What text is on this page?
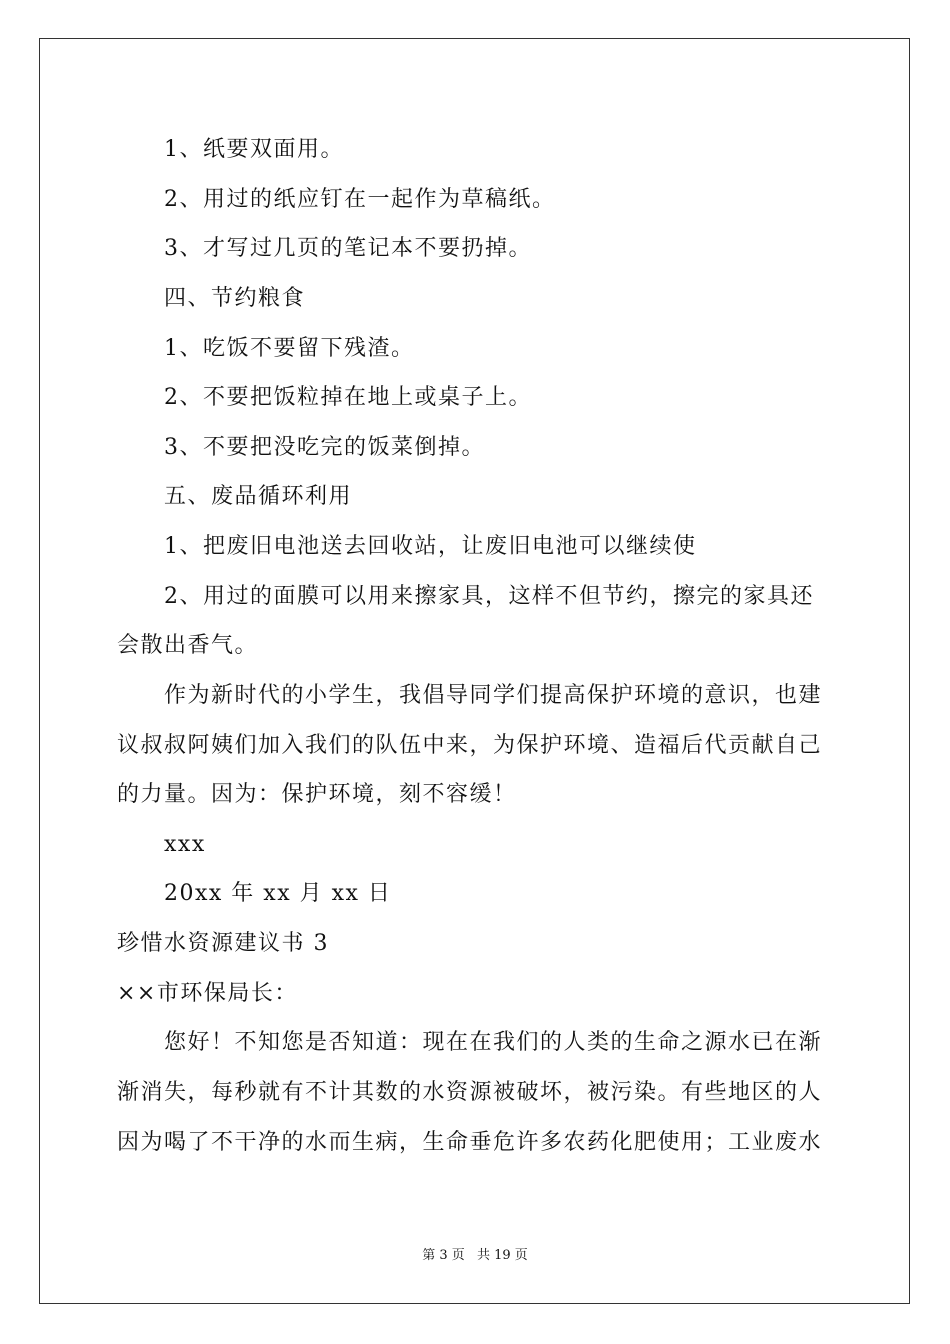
1、纸要双面用。
2、用过的纸应钉在一起作为草稿纸。
3、才写过几页的笔记本不要扔掉。
四、节约粮食
1、吃饭不要留下残渣。
2、不要把饭粒掉在地上或桌子上。
3、不要把没吃完的饭菜倒掉。
五、废品循环利用
1、把废旧电池送去回收站，让废旧电池可以继续使
2、用过的面膜可以用来擦家具，这样不但节约，擦完的家具还
会散出香气。
作为新时代的小学生，我倡导同学们提高保护环境的意识，也建
议叔叔阿姨们加入我们的队伍中来，为保护环境、造福后代贡献自己
的力量。因为：保护环境，刻不容缓！
xxx
20xx 年 xx 月 xx 日
珍惜水资源建议书 3
××市环保局长：
您好！不知您是否知道：现在在我们的人类的生命之源水已在渐
渐消失，每秒就有不计其数的水资源被破坏，被污染。有些地区的人
因为喝了不干净的水而生病，生命垂危许多农药化肥使用；工业废水
第 3 页 共 19 页
